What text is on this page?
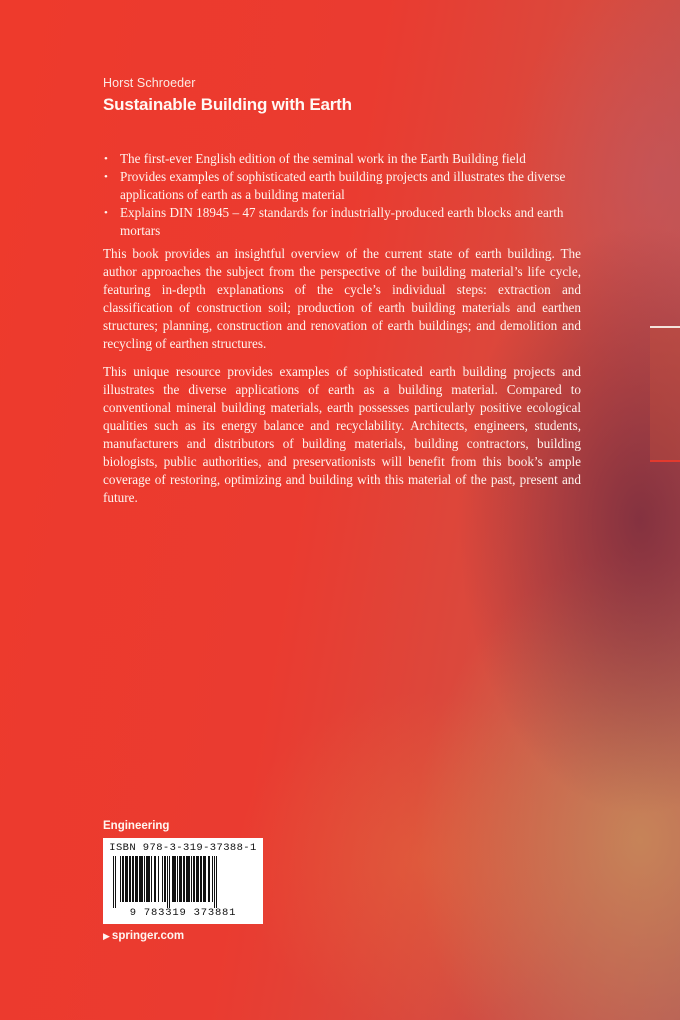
Horst Schroeder
Sustainable Building with Earth
• The first-ever English edition of the seminal work in the Earth Building field
• Provides examples of sophisticated earth building projects and illustrates the diverse applications of earth as a building material
• Explains DIN 18945 – 47 standards for industrially-produced earth blocks and earth mortars

This book provides an insightful overview of the current state of earth building. The author approaches the subject from the perspective of the building material’s life cycle, featuring in-depth explanations of the cycle’s individual steps: extraction and classification of construction soil; production of earth building materials and earthen structures; planning, construction and renovation of earth buildings; and demolition and recycling of earthen structures.

This unique resource provides examples of sophisticated earth building projects and illustrates the diverse applications of earth as a building material. Compared to conventional mineral building materials, earth possesses particularly positive ecological qualities such as its energy balance and recyclability. Architects, engineers, students, manufacturers and distributors of building materials, building contractors, building biologists, public authorities, and preservationists will benefit from this book’s ample coverage of restoring, optimizing and building with this material of the past, present and future.

Engineering
ISBN 978-3-319-37388-1
9 783319 373881
▶ springer.com
